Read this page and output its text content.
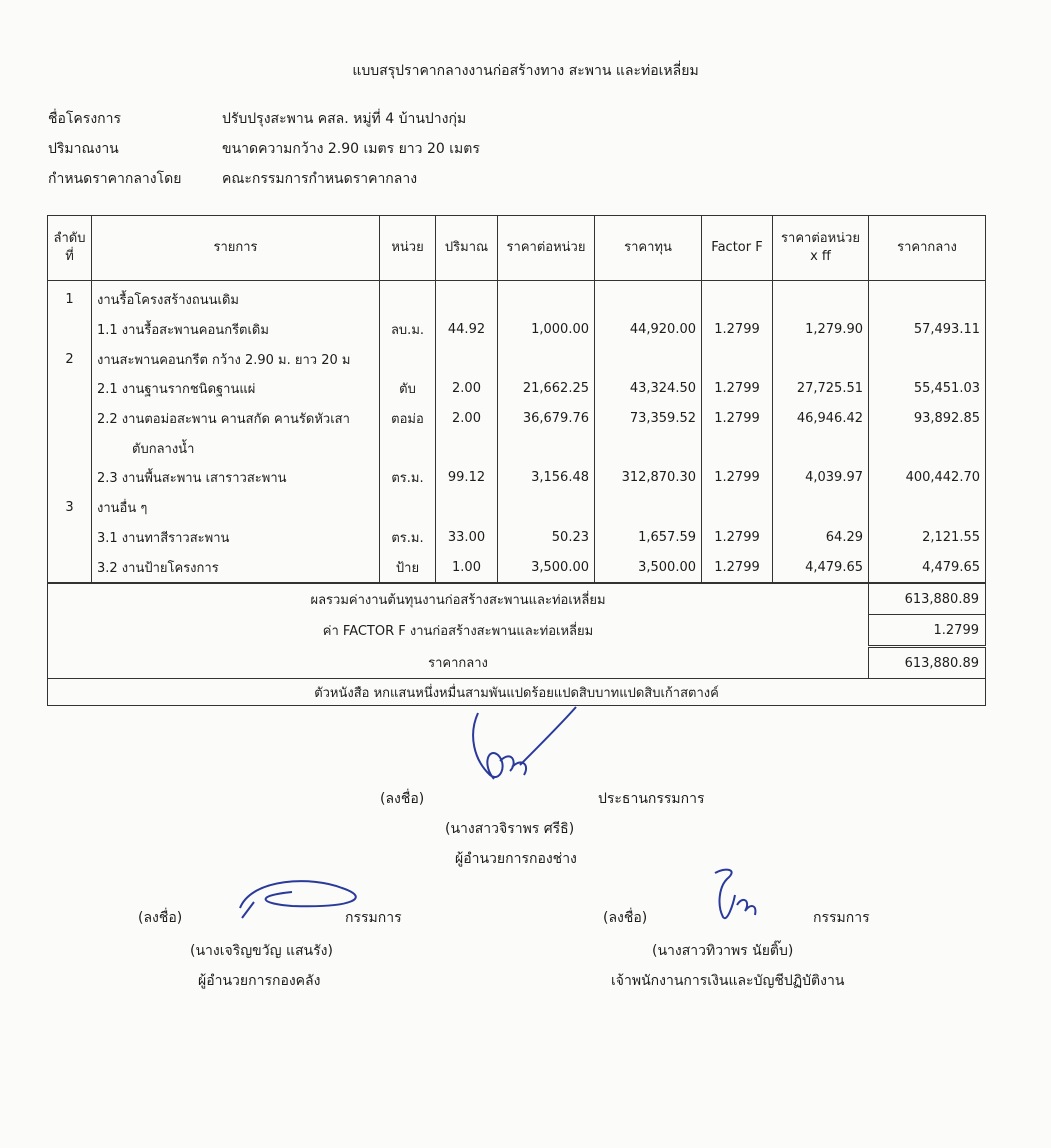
แบบสรุปราคากลางงานก่อสร้างทาง สะพาน และท่อเหลี่ยม
ชื่อโครงการ	ปรับปรุงสะพาน คสล. หมู่ที่ 4 บ้านปางกุ่ม
ปริมาณงาน	ขนาดความกว้าง 2.90 เมตร ยาว 20 เมตร
กำหนดราคากลางโดย	คณะกรรมการกำหนดราคากลาง
ลำดับ
ที่	รายการ	หน่วย	ปริมาณ	ราคาต่อหน่วย	ราคาทุน	Factor F	ราคาต่อหน่วย
x ff	ราคากลาง
1	งานรื้อโครงสร้างถนนเดิม							
	1.1 งานรื้อสะพานคอนกรีตเดิม	ลบ.ม.	44.92	1,000.00	44,920.00	1.2799	1,279.90	57,493.11
2	งานสะพานคอนกรีต กว้าง 2.90 ม. ยาว 20 ม							
	2.1 งานฐานรากชนิดฐานแผ่	ตับ	2.00	21,662.25	43,324.50	1.2799	27,725.51	55,451.03
	2.2 งานตอม่อสะพาน คานสกัด คานรัดหัวเสา	ตอม่อ	2.00	36,679.76	73,359.52	1.2799	46,946.42	93,892.85
	ตับกลางน้ำ							
	2.3 งานพื้นสะพาน เสาราวสะพาน	ตร.ม.	99.12	3,156.48	312,870.30	1.2799	4,039.97	400,442.70
3	งานอื่น ๆ							
	3.1 งานทาสีราวสะพาน	ตร.ม.	33.00	50.23	1,657.59	1.2799	64.29	2,121.55
	3.2 งานป้ายโครงการ	ป้าย	1.00	3,500.00	3,500.00	1.2799	4,479.65	4,479.65
ผลรวมค่างานต้นทุนงานก่อสร้างสะพานและท่อเหลี่ยม	613,880.89
ค่า FACTOR F งานก่อสร้างสะพานและท่อเหลี่ยม	1.2799
ราคากลาง	613,880.89
ตัวหนังสือ หกแสนหนึ่งหมื่นสามพันแปดร้อยแปดสิบบาทแปดสิบเก้าสตางค์	
(ลงชื่อ)	ประธานกรรมการ
(นางสาวจิราพร ศรีธิ)
ผู้อำนวยการกองช่าง
(ลงชื่อ)	กรรมการ
(นางเจริญขวัญ แสนรัง)
ผู้อำนวยการกองคลัง
(ลงชื่อ)	กรรมการ
(นางสาวทิวาพร นัยติ๊บ)
เจ้าพนักงานการเงินและบัญชีปฏิบัติงาน
